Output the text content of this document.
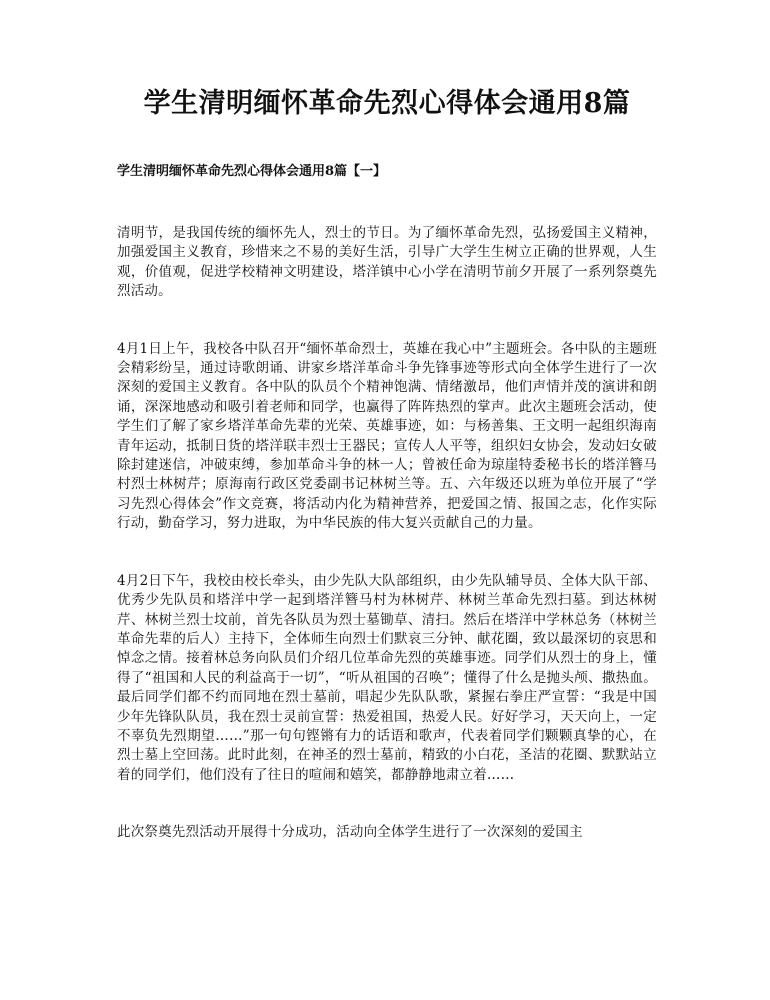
学生清明缅怀革命先烈心得体会通用8篇
学生清明缅怀革命先烈心得体会通用8篇【一】

清明节，是我国传统的缅怀先人，烈士的节日。为了缅怀革命先烈，弘扬爱国主义精神，加强爱国主义教育，珍惜来之不易的美好生活，引导广大学生生树立正确的世界观，人生观，价值观，促进学校精神文明建设，塔洋镇中心小学在清明节前夕开展了一系列祭奠先烈活动。

4月1日上午，我校各中队召开“缅怀革命烈士，英雄在我心中”主题班会。各中队的主题班会精彩纷呈，通过诗歌朗诵、讲家乡塔洋革命斗争先锋事迹等形式向全体学生进行了一次深刻的爱国主义教育。各中队的队员个个精神饱满、情绪激昂，他们声情并茂的演讲和朗诵，深深地感动和吸引着老师和同学，也赢得了阵阵热烈的掌声。此次主题班会活动，使学生们了解了家乡塔洋革命先辈的光荣、英雄事迹，如：与杨善集、王文明一起组织海南青年运动，抵制日货的塔洋联丰烈士王器民；宣传人人平等，组织妇女协会，发动妇女破除封建迷信，冲破束缚，参加革命斗争的林一人；曾被任命为琼崖特委秘书长的塔洋簪马村烈士林树芹；原海南行政区党委副书记林树兰等。五、六年级还以班为单位开展了“学习先烈心得体会”作文竞赛，将活动内化为精神营养，把爱国之情、报国之志，化作实际行动，勤奋学习，努力进取，为中华民族的伟大复兴贡献自己的力量。

4月2日下午，我校由校长牵头，由少先队大队部组织，由少先队辅导员、全体大队干部、优秀少先队员和塔洋中学一起到塔洋簪马村为林树芹、林树兰革命先烈扫墓。到达林树芹、林树兰烈士坟前，首先各队员为烈士墓锄草、清扫。然后在塔洋中学林总务（林树兰革命先辈的后人）主持下，全体师生向烈士们默哀三分钟、献花圈，致以最深切的哀思和悼念之情。接着林总务向队员们介绍几位革命先烈的英雄事迹。同学们从烈士的身上，懂得了“祖国和人民的利益高于一切”，“听从祖国的召唤”；懂得了什么是抛头颅、撒热血。最后同学们都不约而同地在烈士墓前，唱起少先队队歌，紧握右拳庄严宣誓：“我是中国少年先锋队队员，我在烈士灵前宣誓：热爱祖国，热爱人民。好好学习，天天向上，一定不辜负先烈期望……”那一句句铿锵有力的话语和歌声，代表着同学们颗颗真挚的心，在烈士墓上空回荡。此时此刻，在神圣的烈士墓前，精致的小白花，圣洁的花圈、默默站立着的同学们，他们没有了往日的喧闹和嬉笑，都静静地肃立着……

此次祭奠先烈活动开展得十分成功，活动向全体学生进行了一次深刻的爱国主
